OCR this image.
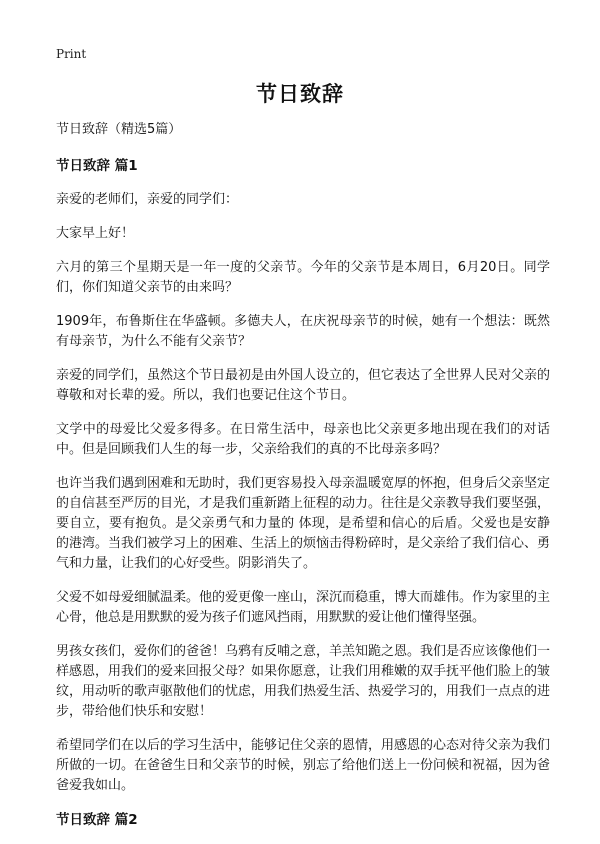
Print
节日致辞

节日致辞（精选5篇）

节日致辞 篇1

亲爱的老师们，亲爱的同学们：

大家早上好！

六月的第三个星期天是一年一度的父亲节。今年的父亲节是本周日，6月20日。同学们，你们知道父亲节的由来吗？

1909年，布鲁斯住在华盛顿。多德夫人，在庆祝母亲节的时候，她有一个想法：既然有母亲节，为什么不能有父亲节？

亲爱的同学们，虽然这个节日最初是由外国人设立的，但它表达了全世界人民对父亲的尊敬和对长辈的爱。所以，我们也要记住这个节日。

文学中的母爱比父爱多得多。在日常生活中，母亲也比父亲更多地出现在我们的对话中。但是回顾我们人生的每一步，父亲给我们的真的不比母亲多吗？

也许当我们遇到困难和无助时，我们更容易投入母亲温暖宽厚的怀抱，但身后父亲坚定的自信甚至严厉的目光，才是我们重新踏上征程的动力。往往是父亲教导我们要坚强，要自立，要有抱负。是父亲勇气和力量的 体现，是希望和信心的后盾。父爱也是安静的港湾。当我们被学习上的困难、生活上的烦恼击得粉碎时，是父亲给了我们信心、勇气和力量，让我们的心好受些。阴影消失了。

父爱不如母爱细腻温柔。他的爱更像一座山，深沉而稳重，博大而雄伟。作为家里的主心骨，他总是用默默的爱为孩子们遮风挡雨，用默默的爱让他们懂得坚强。

男孩女孩们，爱你们的爸爸！乌鸦有反哺之意，羊羔知跪之恩。我们是否应该像他们一样感恩，用我们的爱来回报父母？如果你愿意，让我们用稚嫩的双手抚平他们脸上的皱纹，用动听的歌声驱散他们的忧虑，用我们热爱生活、热爱学习的，用我们一点点的进步，带给他们快乐和安慰！

希望同学们在以后的学习生活中，能够记住父亲的恩情，用感恩的心态对待父亲为我们所做的一切。在爸爸生日和父亲节的时候，别忘了给他们送上一份问候和祝福，因为爸爸爱我如山。

节日致辞 篇2
